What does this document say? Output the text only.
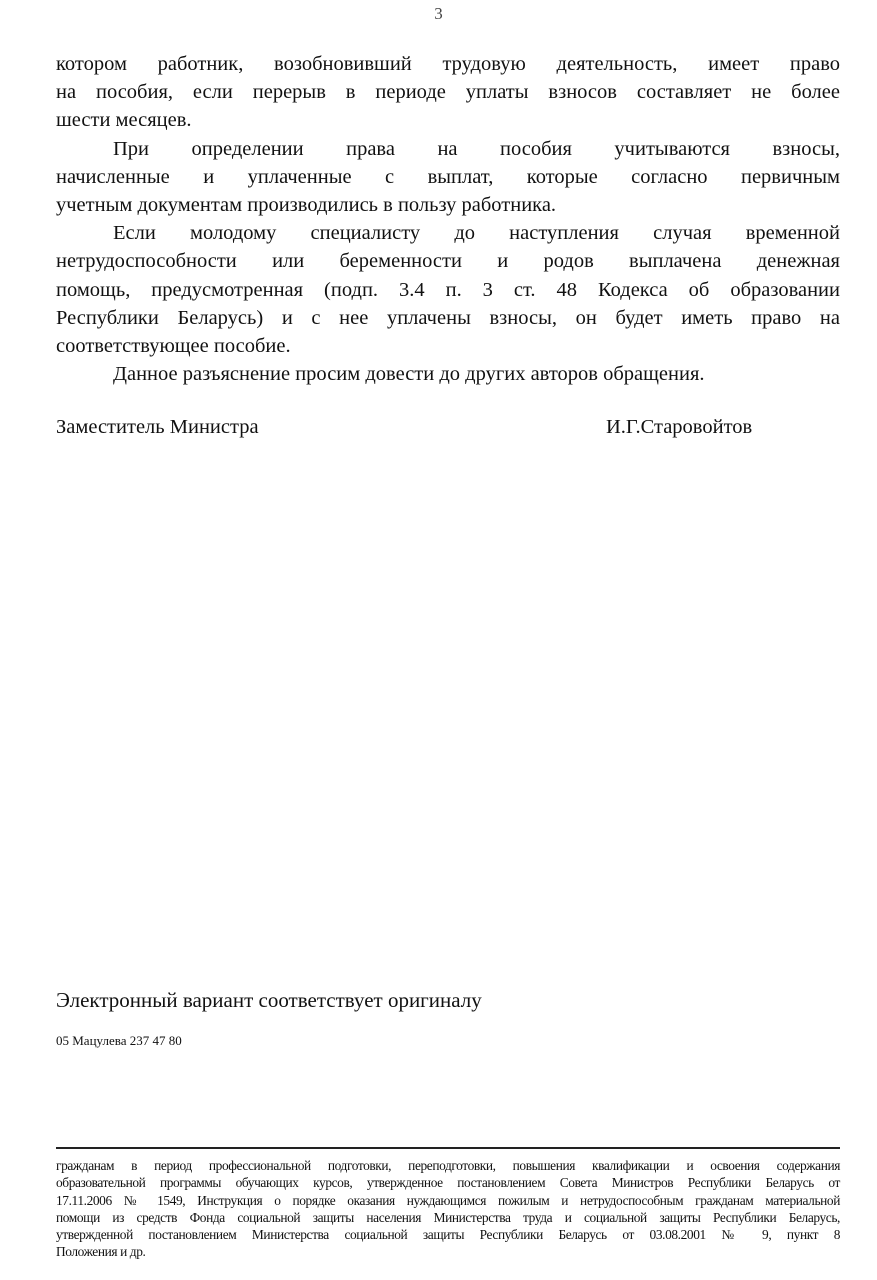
3
котором работник, возобновивший трудовую деятельность, имеет право
на пособия, если перерыв в периоде уплаты взносов составляет не более
шести месяцев.
При определении права на пособия учитываются взносы,
начисленные и уплаченные с выплат, которые согласно первичным
учетным документам производились в пользу работника.
Если молодому специалисту до наступления случая временной
нетрудоспособности или беременности и родов выплачена денежная
помощь, предусмотренная (подп. 3.4 п. 3 ст. 48 Кодекса об образовании
Республики Беларусь) и с нее уплачены взносы, он будет иметь право на
соответствующее пособие.
Данное разъяснение просим довести до других авторов обращения.
Заместитель Министра	И.Г.Старовойтов
Электронный вариант соответствует оригиналу
05 Мацулева 237 47 80
гражданам в период профессиональной подготовки, переподготовки, повышения квалификации и освоения содержания
образовательной программы обучающих курсов, утвержденное постановлением Совета Министров Республики Беларусь от
17.11.2006 № 1549, Инструкция о порядке оказания нуждающимся пожилым и нетрудоспособным гражданам материальной
помощи из средств Фонда социальной защиты населения Министерства труда и социальной защиты Республики Беларусь,
утвержденной постановлением Министерства социальной защиты Республики Беларусь от 03.08.2001 № 9, пункт 8
Положения и др.
